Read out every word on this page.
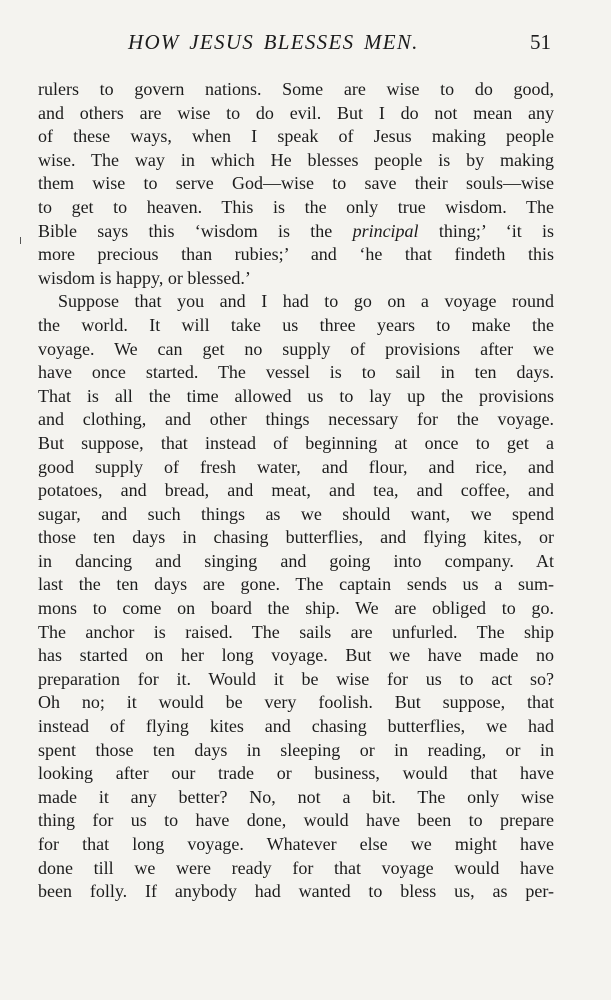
HOW JESUS BLESSES MEN.	51
rulers to govern nations. Some are wise to do good,
and others are wise to do evil. But I do not mean any
of these ways, when I speak of Jesus making people
wise. The way in which He blesses people is by making
them wise to serve God—wise to save their souls—wise
to get to heaven. This is the only true wisdom. The
Bible says this ‘wisdom is the principal thing;’ ‘it is
more precious than rubies;’ and ‘he that findeth this
wisdom is happy, or blessed.’
Suppose that you and I had to go on a voyage round
the world. It will take us three years to make the
voyage. We can get no supply of provisions after we
have once started. The vessel is to sail in ten days.
That is all the time allowed us to lay up the provisions
and clothing, and other things necessary for the voyage.
But suppose, that instead of beginning at once to get a
good supply of fresh water, and flour, and rice, and
potatoes, and bread, and meat, and tea, and coffee, and
sugar, and such things as we should want, we spend
those ten days in chasing butterflies, and flying kites, or
in dancing and singing and going into company. At
last the ten days are gone. The captain sends us a sum-
mons to come on board the ship. We are obliged to go.
The anchor is raised. The sails are unfurled. The ship
has started on her long voyage. But we have made no
preparation for it. Would it be wise for us to act so?
Oh no; it would be very foolish. But suppose, that
instead of flying kites and chasing butterflies, we had
spent those ten days in sleeping or in reading, or in
looking after our trade or business, would that have
made it any better? No, not a bit. The only wise
thing for us to have done, would have been to prepare
for that long voyage. Whatever else we might have
done till we were ready for that voyage would have
been folly. If anybody had wanted to bless us, as per-
